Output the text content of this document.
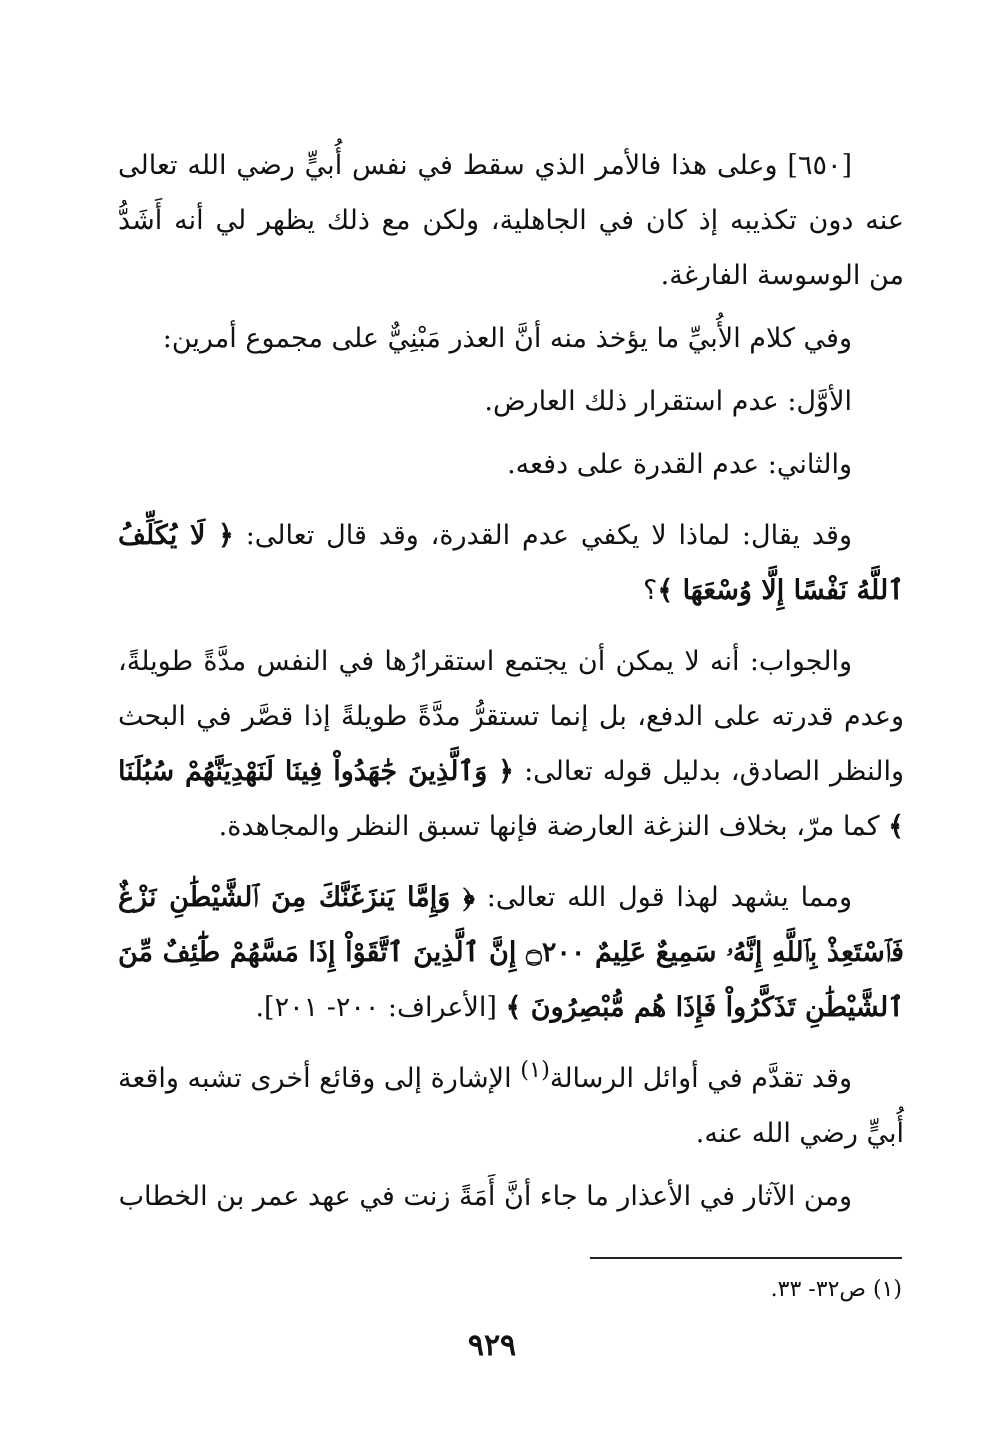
[٦٥٠] وعلى هذا فالأمر الذي سقط في نفس أُبيٍّ رضي الله تعالى عنه دون تكذيبه إذ كان في الجاهلية، ولكن مع ذلك يظهر لي أنه أَشَدُّ من الوسوسة الفارغة.

وفي كلام الأُبيِّ ما يؤخذ منه أنَّ العذر مَبْنِيٌّ على مجموع أمرين:

الأوَّل: عدم استقرار ذلك العارض.

والثاني: عدم القدرة على دفعه.

وقد يقال: لماذا لا يكفي عدم القدرة، وقد قال تعالى: ﴿ لَا يُكَلِّفُ ٱللَّهُ نَفْسًا إِلَّا وُسْعَهَا ﴾؟

والجواب: أنه لا يمكن أن يجتمع استقرارُها في النفس مدَّةً طويلةً، وعدم قدرته على الدفع، بل إنما تستقرُّ مدَّةً طويلةً إذا قصَّر في البحث والنظر الصادق، بدليل قوله تعالى: ﴿ وَٱلَّذِينَ جَٰهَدُواْ فِينَا لَنَهْدِيَنَّهُمْ سُبُلَنَا ﴾ كما مرّ، بخلاف النزغة العارضة فإنها تسبق النظر والمجاهدة.

ومما يشهد لهذا قول الله تعالى: ﴿ وَإِمَّا يَنزَغَنَّكَ مِنَ ٱلشَّيْطَٰنِ نَزْغٌ فَٱسْتَعِذْ بِٱللَّهِ إِنَّهُۥ سَمِيعٌ عَلِيمٌ ۝٢٠٠ إِنَّ ٱلَّذِينَ ٱتَّقَوْاْ إِذَا مَسَّهُمْ طَٰٓئِفٌ مِّنَ ٱلشَّيْطَٰنِ تَذَكَّرُواْ فَإِذَا هُم مُّبْصِرُونَ ﴾ [الأعراف: ٢٠٠- ٢٠١].

وقد تقدَّم في أوائل الرسالة$^{(١)}$ الإشارة إلى وقائع أخرى تشبه واقعة أُبيٍّ رضي الله عنه.

ومن الآثار في الأعذار ما جاء أنَّ أَمَةً زنت في عهد عمر بن الخطاب

(١) ص٣٢- ٣٣.
٩٢٩
